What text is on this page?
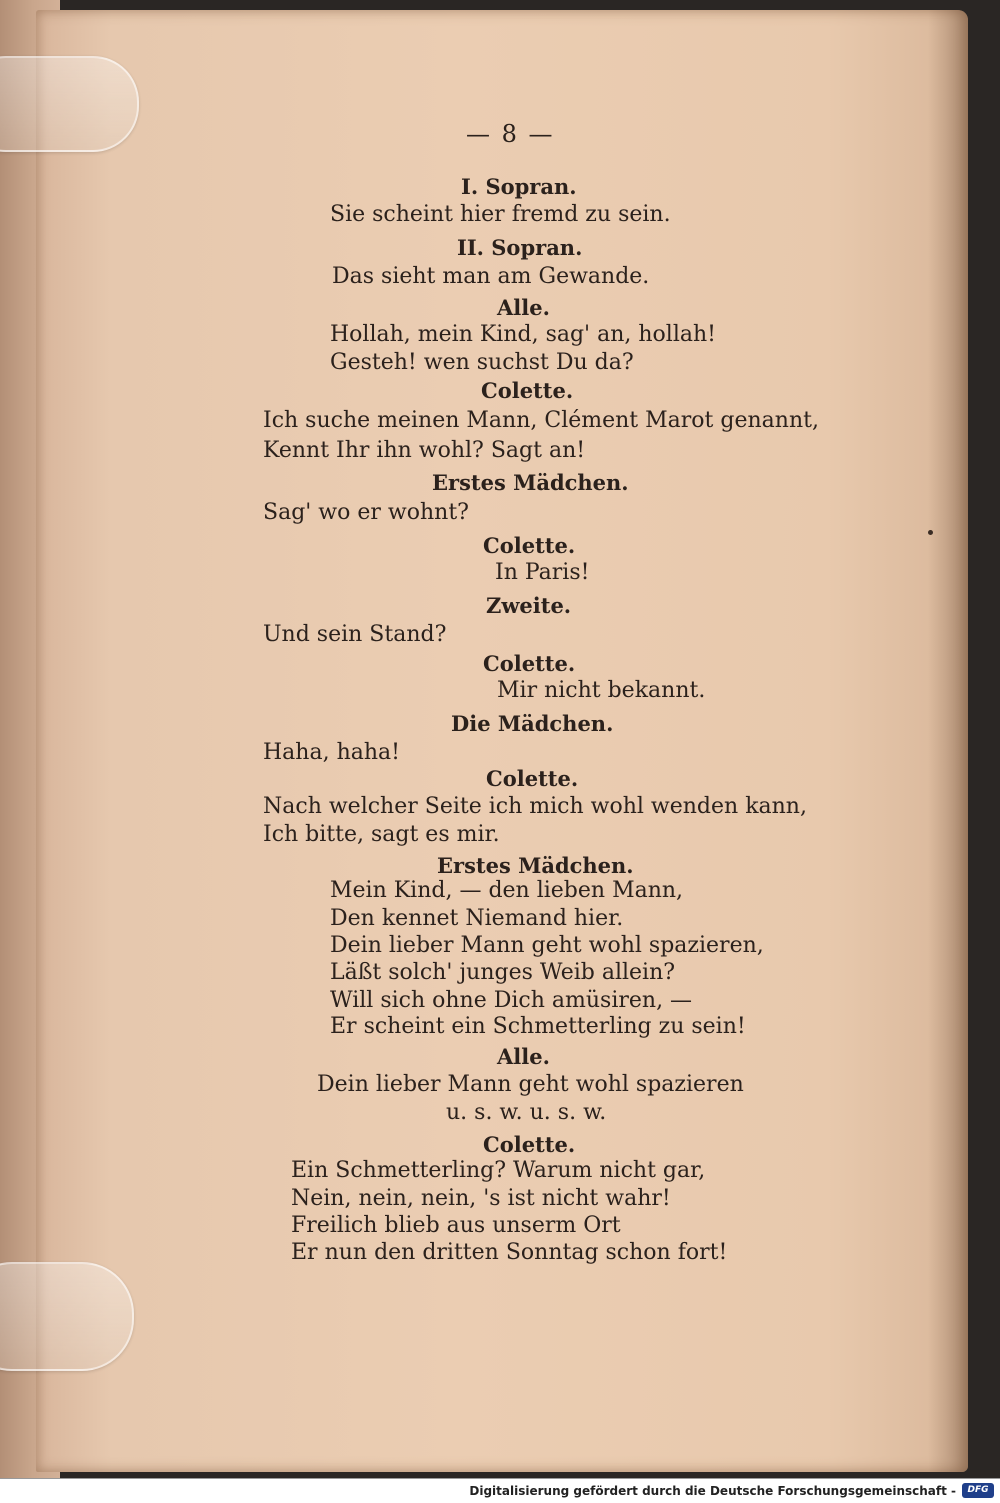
— 8 —
I. Sopran.
Sie scheint hier fremd zu sein.
II. Sopran.
Das sieht man am Gewande.
Alle.
Hollah, mein Kind, sag' an, hollah!
Gesteh! wen suchst Du da?
Colette.
Ich suche meinen Mann, Clément Marot genannt,
Kennt Ihr ihn wohl? Sagt an!
Erstes Mädchen.
Sag' wo er wohnt?
Colette.
In Paris!
Zweite.
Und sein Stand?
Colette.
Mir nicht bekannt.
Die Mädchen.
Haha, haha!
Colette.
Nach welcher Seite ich mich wohl wenden kann,
Ich bitte, sagt es mir.
Erstes Mädchen.
Mein Kind, — den lieben Mann,
Den kennet Niemand hier.
Dein lieber Mann geht wohl spazieren,
Läßt solch' junges Weib allein?
Will sich ohne Dich amüsiren, —
Er scheint ein Schmetterling zu sein!
Alle.
Dein lieber Mann geht wohl spazieren
u. s. w. u. s. w.
Colette.
Ein Schmetterling? Warum nicht gar,
Nein, nein, nein, 's ist nicht wahr!
Freilich blieb aus unserm Ort
Er nun den dritten Sonntag schon fort!
Digitalisierung gefördert durch die Deutsche Forschungsgemeinschaft -	DFG
